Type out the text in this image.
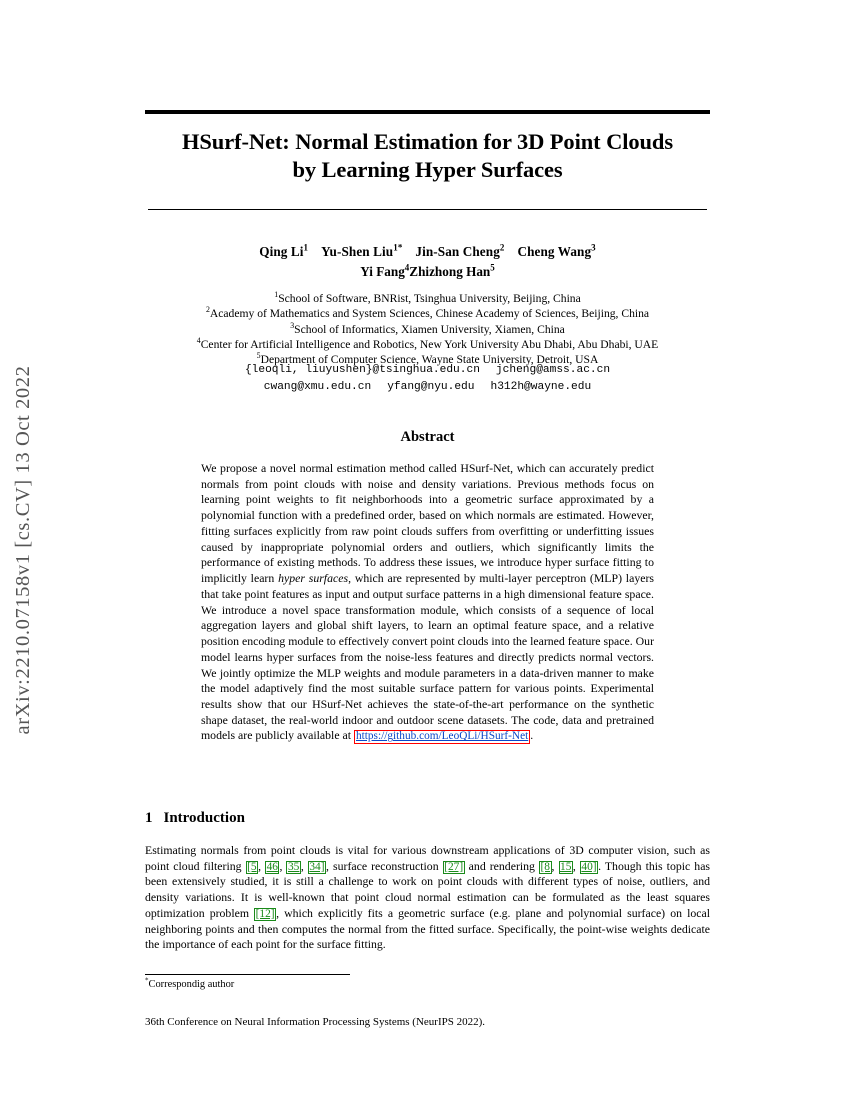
arXiv:2210.07158v1 [cs.CV] 13 Oct 2022
HSurf-Net: Normal Estimation for 3D Point Clouds
by Learning Hyper Surfaces
Qing Li$^1$ Yu-Shen Liu$^{1*}$ Jin-San Cheng$^2$ Cheng Wang$^3$
Yi Fang$^4$Zhizhong Han$^5$
$^1$School of Software, BNRist, Tsinghua University, Beijing, China
$^2$Academy of Mathematics and System Sciences, Chinese Academy of Sciences, Beijing, China
$^3$School of Informatics, Xiamen University, Xiamen, China
$^4$Center for Artificial Intelligence and Robotics, New York University Abu Dhabi, Abu Dhabi, UAE
$^5$Department of Computer Science, Wayne State University, Detroit, USA
{leoqli, liuyushen}@tsinghua.edu.cn jcheng@amss.ac.cn
cwang@xmu.edu.cn yfang@nyu.edu h312h@wayne.edu
Abstract
We propose a novel normal estimation method called HSurf-Net, which can accurately predict normals from point clouds with noise and density variations. Previous methods focus on learning point weights to fit neighborhoods into a geometric surface approximated by a polynomial function with a predefined order, based on which normals are estimated. However, fitting surfaces explicitly from raw point clouds suffers from overfitting or underfitting issues caused by inappropriate polynomial orders and outliers, which significantly limits the performance of existing methods. To address these issues, we introduce hyper surface fitting to implicitly learn hyper surfaces, which are represented by multi-layer perceptron (MLP) layers that take point features as input and output surface patterns in a high dimensional feature space. We introduce a novel space transformation module, which consists of a sequence of local aggregation layers and global shift layers, to learn an optimal feature space, and a relative position encoding module to effectively convert point clouds into the learned feature space. Our model learns hyper surfaces from the noise-less features and directly predicts normal vectors. We jointly optimize the MLP weights and module parameters in a data-driven manner to make the model adaptively find the most suitable surface pattern for various points. Experimental results show that our HSurf-Net achieves the state-of-the-art performance on the synthetic shape dataset, the real-world indoor and outdoor scene datasets. The code, data and pretrained models are publicly available at https://github.com/LeoQLi/HSurf-Net .
1 Introduction
Estimating normals from point clouds is vital for various downstream applications of 3D computer vision, such as point cloud filtering [5 , 46 , 35 , 34] , surface reconstruction [27] and rendering [8 , 15 , 40] . Though this topic has been extensively studied, it is still a challenge to work on point clouds with different types of noise, outliers, and density variations. It is well-known that point cloud normal estimation can be formulated as the least squares optimization problem [12] , which explicitly fits a geometric surface (e.g. plane and polynomial surface) on local neighboring points and then computes the normal from the fitted surface. Specifically, the point-wise weights dedicate the importance of each point for the surface fitting.
*Correspondig author
36th Conference on Neural Information Processing Systems (NeurIPS 2022).
